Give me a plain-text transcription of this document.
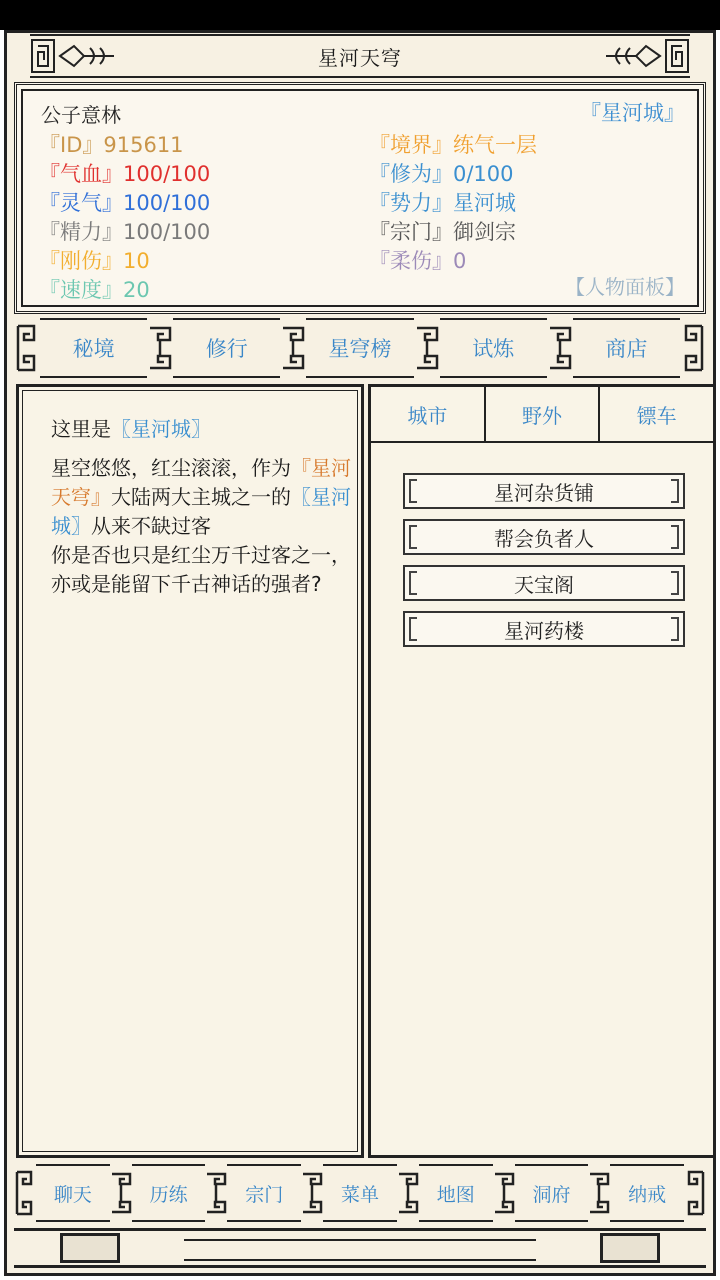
星河天穹
公子意林	『星河城』
『ID』915611
『气血』100/100
『灵气』100/100
『精力』100/100
『刚伤』10
『速度』20
『境界』练气一层
『修为』0/100
『势力』星河城
『宗门』御剑宗
『柔伤』0
【人物面板】
秘境	修行	星穹榜	试炼	商店

这里是〖星河城〗

星空悠悠，红尘滚滚，作为『星河天穹』大陆两大主城之一的〖星河城〗从来不缺过客

你是否也只是红尘万千过客之一，亦或是能留下千古神话的强者?

城市	野外	镖车
星河杂货铺
帮会负者人
天宝阁
星河药楼
聊天	历练	宗门	菜单	地图	洞府	纳戒
